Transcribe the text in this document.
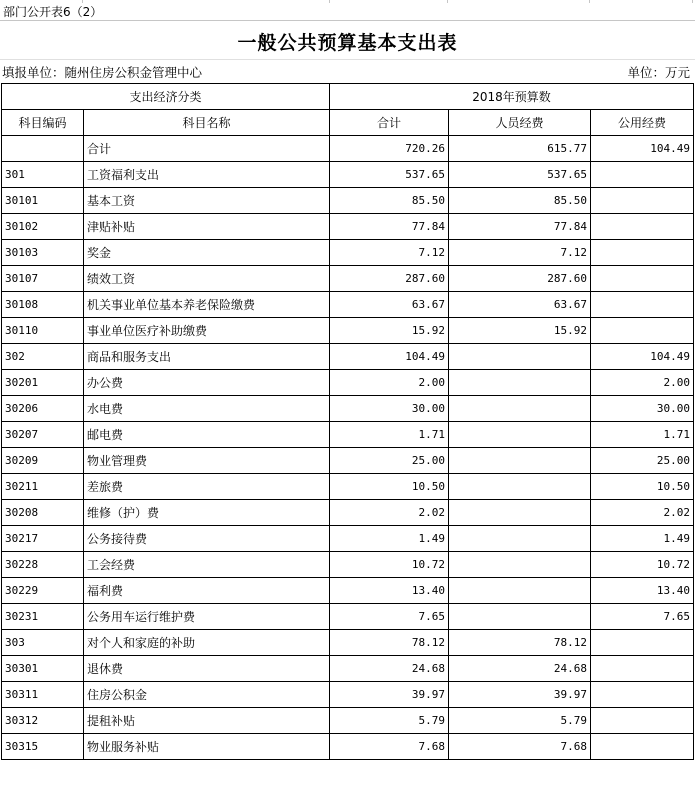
部门公开表6（2）
一般公共预算基本支出表
填报单位：随州住房公积金管理中心	单位：万元
支出经济分类		2018年预算数		
科目编码	科目名称	合计	人员经费	公用经费
	合计	720.26	615.77	104.49
301	工资福利支出	537.65	537.65	
30101	基本工资	85.50	85.50	
30102	津贴补贴	77.84	77.84	
30103	奖金	7.12	7.12	
30107	绩效工资	287.60	287.60	
30108	机关事业单位基本养老保险缴费	63.67	63.67	
30110	事业单位医疗补助缴费	15.92	15.92	
302	商品和服务支出	104.49		104.49
30201	办公费	2.00		2.00
30206	水电费	30.00		30.00
30207	邮电费	1.71		1.71
30209	物业管理费	25.00		25.00
30211	差旅费	10.50		10.50
30208	维修（护）费	2.02		2.02
30217	公务接待费	1.49		1.49
30228	工会经费	10.72		10.72
30229	福利费	13.40		13.40
30231	公务用车运行维护费	7.65		7.65
303	对个人和家庭的补助	78.12	78.12	
30301	退休费	24.68	24.68	
30311	住房公积金	39.97	39.97	
30312	提租补贴	5.79	5.79	
30315	物业服务补贴	7.68	7.68	
